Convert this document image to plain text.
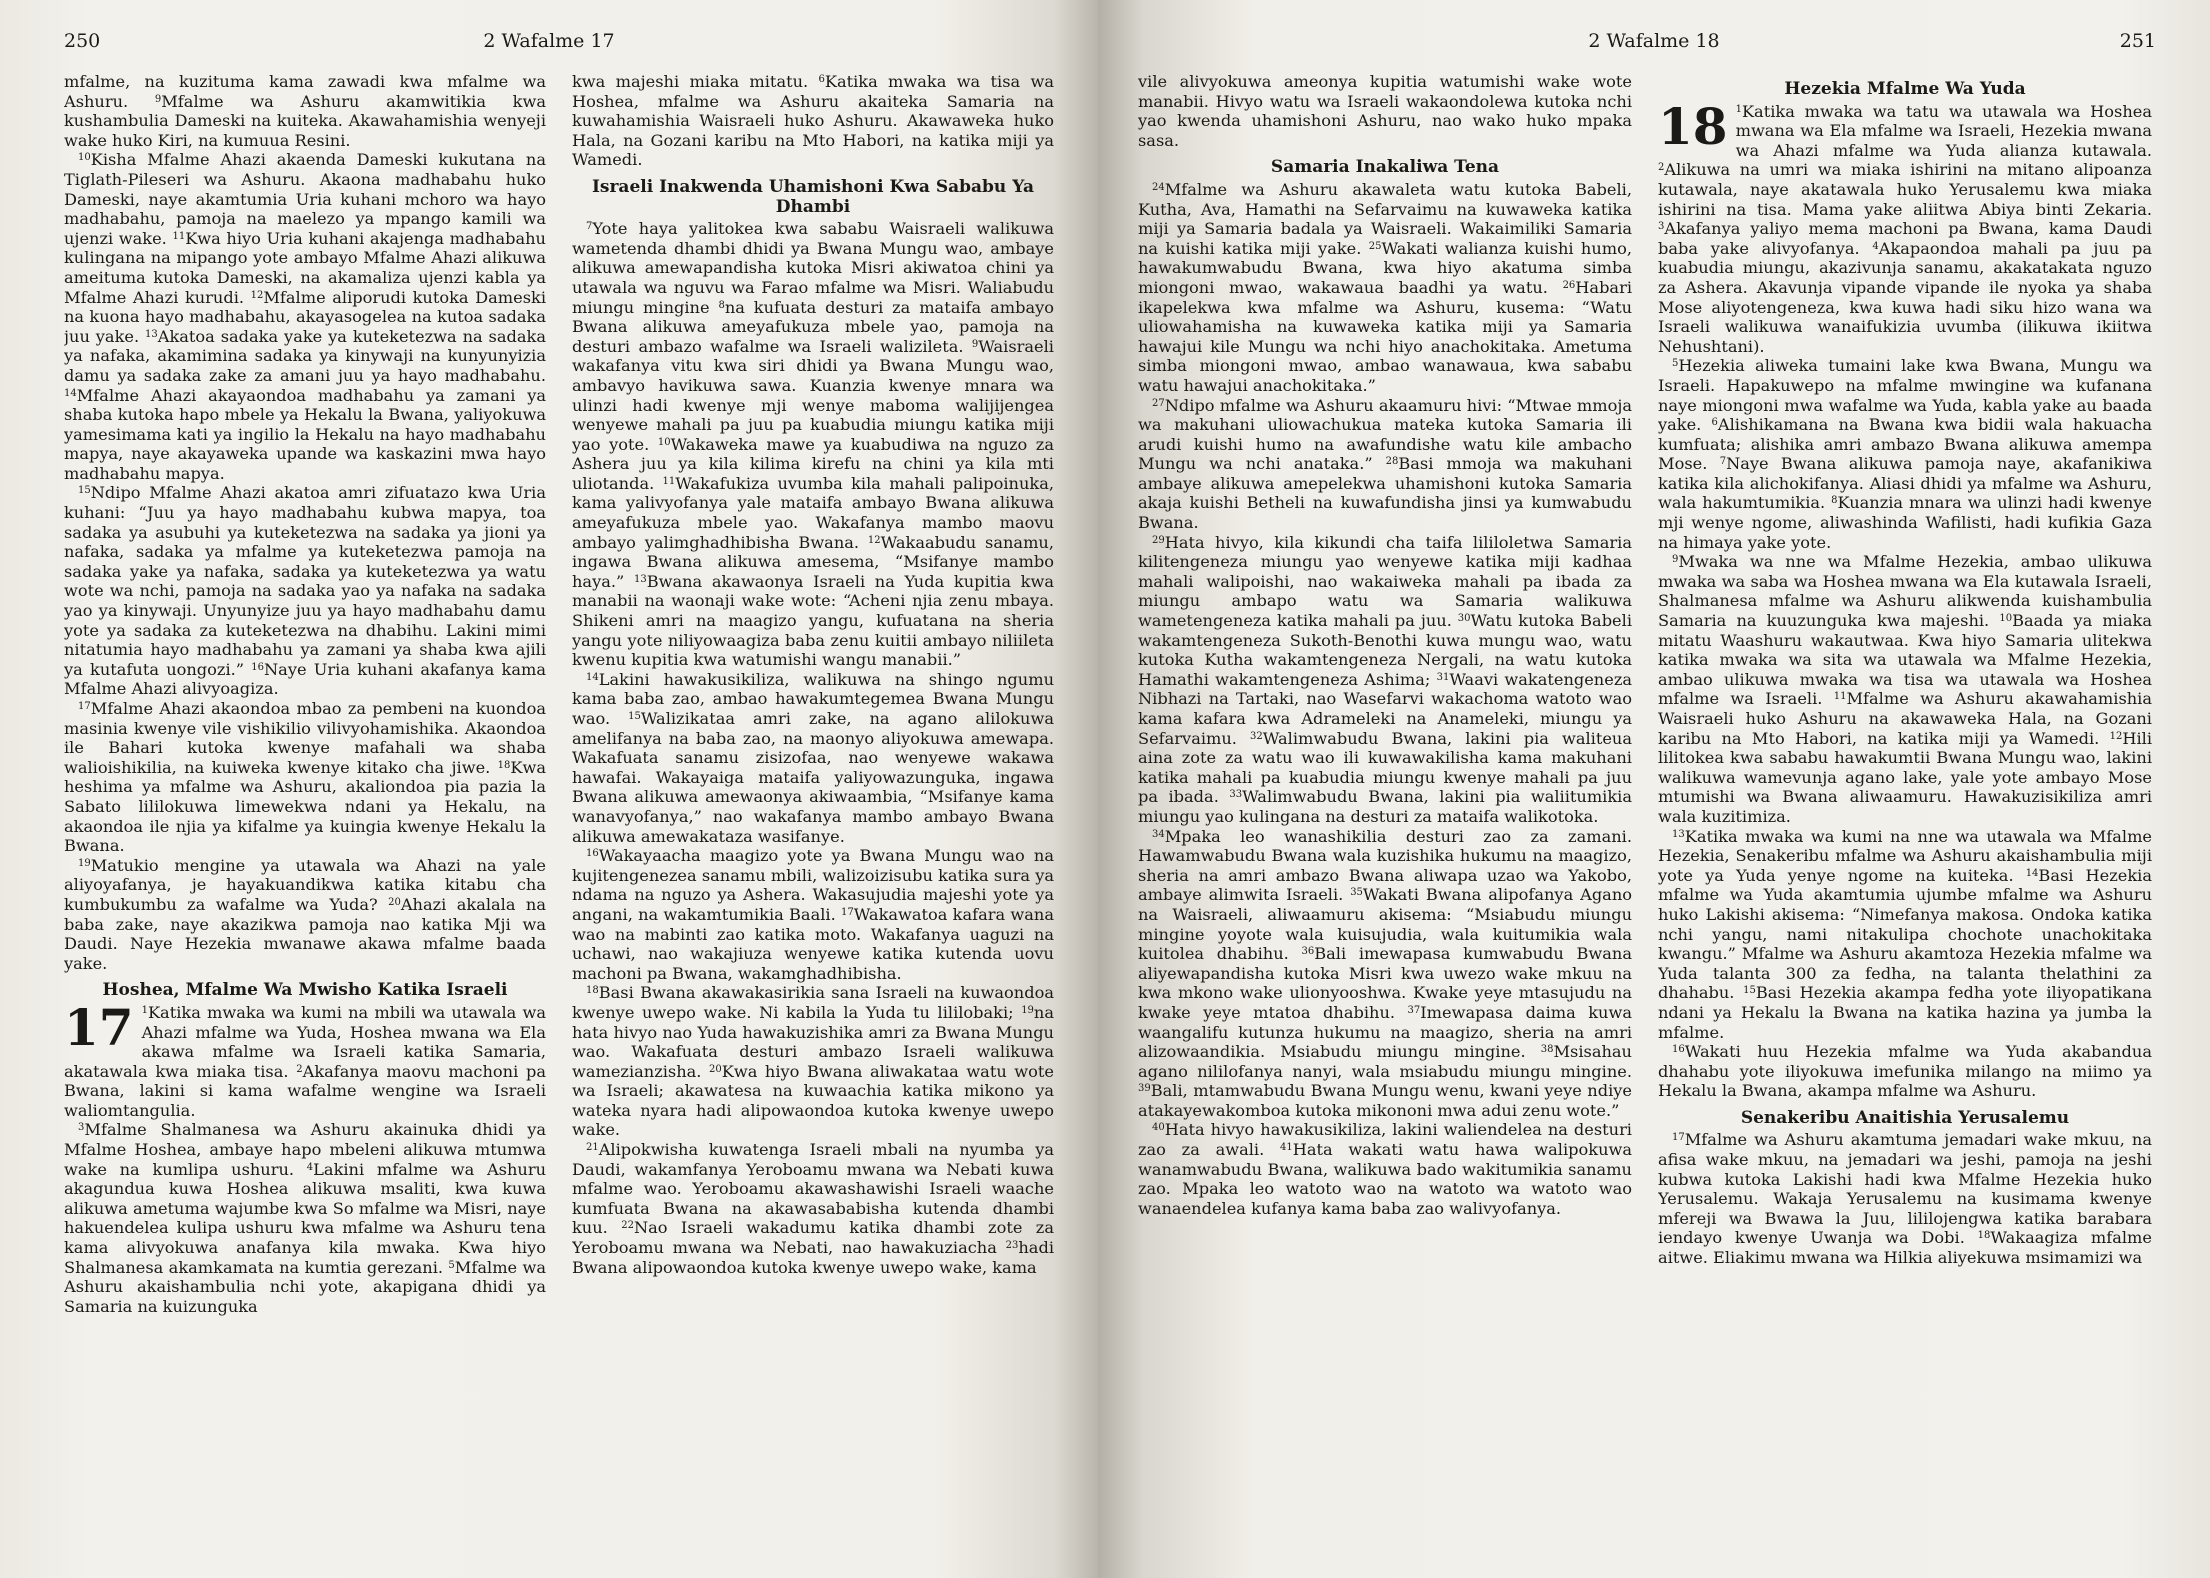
250	2 Wafalme 17

mfalme, na kuzituma kama zawadi kwa mfalme wa Ashuru. $^9$Mfalme wa Ashuru akamwitikia kwa kushambulia Dameski na kuiteka. Akawahamishia wenyeji wake huko Kiri, na kumuua Resini.

$^{10}$Kisha Mfalme Ahazi akaenda Dameski kukutana na Tiglath-Pileseri wa Ashuru. Akaona madhabahu huko Dameski, naye akamtumia Uria kuhani mchoro wa hayo madhabahu, pamoja na maelezo ya mpango kamili wa ujenzi wake. $^{11}$Kwa hiyo Uria kuhani akajenga madhabahu kulingana na mipango yote ambayo Mfalme Ahazi alikuwa ameituma kutoka Dameski, na akamaliza ujenzi kabla ya Mfalme Ahazi kurudi. $^{12}$Mfalme aliporudi kutoka Dameski na kuona hayo madhabahu, akayasogelea na kutoa sadaka juu yake. $^{13}$Akatoa sadaka yake ya kuteketezwa na sadaka ya nafaka, akamimina sadaka ya kinywaji na kunyunyizia damu ya sadaka zake za amani juu ya hayo madhabahu. $^{14}$Mfalme Ahazi akayaondoa madhabahu ya zamani ya shaba kutoka hapo mbele ya Hekalu la Bwana, yaliyokuwa yamesimama kati ya ingilio la Hekalu na hayo madhabahu mapya, naye akayaweka upande wa kaskazini mwa hayo madhabahu mapya.

$^{15}$Ndipo Mfalme Ahazi akatoa amri zifuatazo kwa Uria kuhani: “Juu ya hayo madhabahu kubwa mapya, toa sadaka ya asubuhi ya kuteketezwa na sadaka ya jioni ya nafaka, sadaka ya mfalme ya kuteketezwa pamoja na sadaka yake ya nafaka, sadaka ya kuteketezwa ya watu wote wa nchi, pamoja na sadaka yao ya nafaka na sadaka yao ya kinywaji. Unyunyize juu ya hayo madhabahu damu yote ya sadaka za kuteketezwa na dhabihu. Lakini mimi nitatumia hayo madhabahu ya zamani ya shaba kwa ajili ya kutafuta uongozi.” $^{16}$Naye Uria kuhani akafanya kama Mfalme Ahazi alivyoagiza.

$^{17}$Mfalme Ahazi akaondoa mbao za pembeni na kuondoa masinia kwenye vile vishikilio vilivyohamishika. Akaondoa ile Bahari kutoka kwenye mafahali wa shaba walioishikilia, na kuiweka kwenye kitako cha jiwe. $^{18}$Kwa heshima ya mfalme wa Ashuru, akaliondoa pia pazia la Sabato lililokuwa limewekwa ndani ya Hekalu, na akaondoa ile njia ya kifalme ya kuingia kwenye Hekalu la Bwana.

$^{19}$Matukio mengine ya utawala wa Ahazi na yale aliyoyafanya, je hayakuandikwa katika kitabu cha kumbukumbu za wafalme wa Yuda? $^{20}$Ahazi akalala na baba zake, naye akazikwa pamoja nao katika Mji wa Daudi. Naye Hezekia mwanawe akawa mfalme baada yake.

Hoshea, Mfalme Wa Mwisho Katika Israeli

17 $^1$Katika mwaka wa kumi na mbili wa utawala wa Ahazi mfalme wa Yuda, Hoshea mwana wa Ela akawa mfalme wa Israeli katika Samaria, akatawala kwa miaka tisa. $^2$Akafanya maovu machoni pa Bwana, lakini si kama wafalme wengine wa Israeli waliomtangulia.

$^3$Mfalme Shalmanesa wa Ashuru akainuka dhidi ya Mfalme Hoshea, ambaye hapo mbeleni alikuwa mtumwa wake na kumlipa ushuru. $^4$Lakini mfalme wa Ashuru akagundua kuwa Hoshea alikuwa msaliti, kwa kuwa alikuwa ametuma wajumbe kwa So mfalme wa Misri, naye hakuendelea kulipa ushuru kwa mfalme wa Ashuru tena kama alivyokuwa anafanya kila mwaka. Kwa hiyo Shalmanesa akamkamata na kumtia gerezani. $^5$Mfalme wa Ashuru akaishambulia nchi yote, akapigana dhidi ya Samaria na kuizunguka

kwa majeshi miaka mitatu. $^6$Katika mwaka wa tisa wa Hoshea, mfalme wa Ashuru akaiteka Samaria na kuwahamishia Waisraeli huko Ashuru. Akawaweka huko Hala, na Gozani karibu na Mto Habori, na katika miji ya Wamedi.

Israeli Inakwenda Uhamishoni Kwa Sababu Ya Dhambi

$^7$Yote haya yalitokea kwa sababu Waisraeli walikuwa wametenda dhambi dhidi ya Bwana Mungu wao, ambaye alikuwa amewapandisha kutoka Misri akiwatoa chini ya utawala wa nguvu wa Farao mfalme wa Misri. Waliabudu miungu mingine $^8$na kufuata desturi za mataifa ambayo Bwana alikuwa ameyafukuza mbele yao, pamoja na desturi ambazo wafalme wa Israeli walizileta. $^9$Waisraeli wakafanya vitu kwa siri dhidi ya Bwana Mungu wao, ambavyo havikuwa sawa. Kuanzia kwenye mnara wa ulinzi hadi kwenye mji wenye maboma walijijengea wenyewe mahali pa juu pa kuabudia miungu katika miji yao yote. $^{10}$Wakaweka mawe ya kuabudiwa na nguzo za Ashera juu ya kila kilima kirefu na chini ya kila mti uliotanda. $^{11}$Wakafukiza uvumba kila mahali palipoinuka, kama yalivyofanya yale mataifa ambayo Bwana alikuwa ameyafukuza mbele yao. Wakafanya mambo maovu ambayo yalimghadhibisha Bwana. $^{12}$Wakaabudu sanamu, ingawa Bwana alikuwa amesema, “Msifanye mambo haya.” $^{13}$Bwana akawaonya Israeli na Yuda kupitia kwa manabii na waonaji wake wote: “Acheni njia zenu mbaya. Shikeni amri na maagizo yangu, kufuatana na sheria yangu yote niliyowaagiza baba zenu kuitii ambayo niliileta kwenu kupitia kwa watumishi wangu manabii.”

$^{14}$Lakini hawakusikiliza, walikuwa na shingo ngumu kama baba zao, ambao hawakumtegemea Bwana Mungu wao. $^{15}$Walizikataa amri zake, na agano alilokuwa amelifanya na baba zao, na maonyo aliyokuwa amewapa. Wakafuata sanamu zisizofaa, nao wenyewe wakawa hawafai. Wakayaiga mataifa yaliyowazunguka, ingawa Bwana alikuwa amewaonya akiwaambia, “Msifanye kama wanavyofanya,” nao wakafanya mambo ambayo Bwana alikuwa amewakataza wasifanye.

$^{16}$Wakayaacha maagizo yote ya Bwana Mungu wao na kujitengenezea sanamu mbili, walizoizisubu katika sura ya ndama na nguzo ya Ashera. Wakasujudia majeshi yote ya angani, na wakamtumikia Baali. $^{17}$Wakawatoa kafara wana wao na mabinti zao katika moto. Wakafanya uaguzi na uchawi, nao wakajiuza wenyewe katika kutenda uovu machoni pa Bwana, wakamghadhibisha.

$^{18}$Basi Bwana akawakasirikia sana Israeli na kuwaondoa kwenye uwepo wake. Ni kabila la Yuda tu lililobaki; $^{19}$na hata hivyo nao Yuda hawakuzishika amri za Bwana Mungu wao. Wakafuata desturi ambazo Israeli walikuwa wamezianzisha. $^{20}$Kwa hiyo Bwana aliwakataa watu wote wa Israeli; akawatesa na kuwaachia katika mikono ya wateka nyara hadi alipowaondoa kutoka kwenye uwepo wake.

$^{21}$Alipokwisha kuwatenga Israeli mbali na nyumba ya Daudi, wakamfanya Yeroboamu mwana wa Nebati kuwa mfalme wao. Yeroboamu akawashawishi Israeli waache kumfuata Bwana na akawasababisha kutenda dhambi kuu. $^{22}$Nao Israeli wakadumu katika dhambi zote za Yeroboamu mwana wa Nebati, nao hawakuziacha $^{23}$hadi Bwana alipowaondoa kutoka kwenye uwepo wake, kama

2 Wafalme 18	251

vile alivyokuwa ameonya kupitia watumishi wake wote manabii. Hivyo watu wa Israeli wakaondolewa kutoka nchi yao kwenda uhamishoni Ashuru, nao wako huko mpaka sasa.

Samaria Inakaliwa Tena

$^{24}$Mfalme wa Ashuru akawaleta watu kutoka Babeli, Kutha, Ava, Hamathi na Sefarvaimu na kuwaweka katika miji ya Samaria badala ya Waisraeli. Wakaimiliki Samaria na kuishi katika miji yake. $^{25}$Wakati walianza kuishi humo, hawakumwabudu Bwana, kwa hiyo akatuma simba miongoni mwao, wakawaua baadhi ya watu. $^{26}$Habari ikapelekwa kwa mfalme wa Ashuru, kusema: “Watu uliowahamisha na kuwaweka katika miji ya Samaria hawajui kile Mungu wa nchi hiyo anachokitaka. Ametuma simba miongoni mwao, ambao wanawaua, kwa sababu watu hawajui anachokitaka.”

$^{27}$Ndipo mfalme wa Ashuru akaamuru hivi: “Mtwae mmoja wa makuhani uliowachukua mateka kutoka Samaria ili arudi kuishi humo na awafundishe watu kile ambacho Mungu wa nchi anataka.” $^{28}$Basi mmoja wa makuhani ambaye alikuwa amepelekwa uhamishoni kutoka Samaria akaja kuishi Betheli na kuwafundisha jinsi ya kumwabudu Bwana.

$^{29}$Hata hivyo, kila kikundi cha taifa lililoletwa Samaria kilitengeneza miungu yao wenyewe katika miji kadhaa mahali walipoishi, nao wakaiweka mahali pa ibada za miungu ambapo watu wa Samaria walikuwa wametengeneza katika mahali pa juu. $^{30}$Watu kutoka Babeli wakamtengeneza Sukoth-Benothi kuwa mungu wao, watu kutoka Kutha wakamtengeneza Nergali, na watu kutoka Hamathi wakamtengeneza Ashima; $^{31}$Waavi wakatengeneza Nibhazi na Tartaki, nao Wasefarvi wakachoma watoto wao kama kafara kwa Adrameleki na Anameleki, miungu ya Sefarvaimu. $^{32}$Walimwabudu Bwana, lakini pia waliteua aina zote za watu wao ili kuwawakilisha kama makuhani katika mahali pa kuabudia miungu kwenye mahali pa juu pa ibada. $^{33}$Walimwabudu Bwana, lakini pia waliitumikia miungu yao kulingana na desturi za mataifa walikotoka.

$^{34}$Mpaka leo wanashikilia desturi zao za zamani. Hawamwabudu Bwana wala kuzishika hukumu na maagizo, sheria na amri ambazo Bwana aliwapa uzao wa Yakobo, ambaye alimwita Israeli. $^{35}$Wakati Bwana alipofanya Agano na Waisraeli, aliwaamuru akisema: “Msiabudu miungu mingine yoyote wala kuisujudia, wala kuitumikia wala kuitolea dhabihu. $^{36}$Bali imewapasa kumwabudu Bwana aliyewapandisha kutoka Misri kwa uwezo wake mkuu na kwa mkono wake ulionyooshwa. Kwake yeye mtasujudu na kwake yeye mtatoa dhabihu. $^{37}$Imewapasa daima kuwa waangalifu kutunza hukumu na maagizo, sheria na amri alizowaandikia. Msiabudu miungu mingine. $^{38}$Msisahau agano nililofanya nanyi, wala msiabudu miungu mingine. $^{39}$Bali, mtamwabudu Bwana Mungu wenu, kwani yeye ndiye atakayewakomboa kutoka mikononi mwa adui zenu wote.”

$^{40}$Hata hivyo hawakusikiliza, lakini waliendelea na desturi zao za awali. $^{41}$Hata wakati watu hawa walipokuwa wanamwabudu Bwana, walikuwa bado wakitumikia sanamu zao. Mpaka leo watoto wao na watoto wa watoto wao wanaendelea kufanya kama baba zao walivyofanya.

Hezekia Mfalme Wa Yuda

18 $^1$Katika mwaka wa tatu wa utawala wa Hoshea mwana wa Ela mfalme wa Israeli, Hezekia mwana wa Ahazi mfalme wa Yuda alianza kutawala. $^2$Alikuwa na umri wa miaka ishirini na mitano alipoanza kutawala, naye akatawala huko Yerusalemu kwa miaka ishirini na tisa. Mama yake aliitwa Abiya binti Zekaria. $^3$Akafanya yaliyo mema machoni pa Bwana, kama Daudi baba yake alivyofanya. $^4$Akapaondoa mahali pa juu pa kuabudia miungu, akazivunja sanamu, akakatakata nguzo za Ashera. Akavunja vipande vipande ile nyoka ya shaba Mose aliyotengeneza, kwa kuwa hadi siku hizo wana wa Israeli walikuwa wanaifukizia uvumba (ilikuwa ikiitwa Nehushtani).

$^5$Hezekia aliweka tumaini lake kwa Bwana, Mungu wa Israeli. Hapakuwepo na mfalme mwingine wa kufanana naye miongoni mwa wafalme wa Yuda, kabla yake au baada yake. $^6$Alishikamana na Bwana kwa bidii wala hakuacha kumfuata; alishika amri ambazo Bwana alikuwa amempa Mose. $^7$Naye Bwana alikuwa pamoja naye, akafanikiwa katika kila alichokifanya. Aliasi dhidi ya mfalme wa Ashuru, wala hakumtumikia. $^8$Kuanzia mnara wa ulinzi hadi kwenye mji wenye ngome, aliwashinda Wafilisti, hadi kufikia Gaza na himaya yake yote.

$^9$Mwaka wa nne wa Mfalme Hezekia, ambao ulikuwa mwaka wa saba wa Hoshea mwana wa Ela kutawala Israeli, Shalmanesa mfalme wa Ashuru alikwenda kuishambulia Samaria na kuuzunguka kwa majeshi. $^{10}$Baada ya miaka mitatu Waashuru wakautwaa. Kwa hiyo Samaria ulitekwa katika mwaka wa sita wa utawala wa Mfalme Hezekia, ambao ulikuwa mwaka wa tisa wa utawala wa Hoshea mfalme wa Israeli. $^{11}$Mfalme wa Ashuru akawahamishia Waisraeli huko Ashuru na akawaweka Hala, na Gozani karibu na Mto Habori, na katika miji ya Wamedi. $^{12}$Hili lilitokea kwa sababu hawakumtii Bwana Mungu wao, lakini walikuwa wamevunja agano lake, yale yote ambayo Mose mtumishi wa Bwana aliwaamuru. Hawakuzisikiliza amri wala kuzitimiza.

$^{13}$Katika mwaka wa kumi na nne wa utawala wa Mfalme Hezekia, Senakeribu mfalme wa Ashuru akaishambulia miji yote ya Yuda yenye ngome na kuiteka. $^{14}$Basi Hezekia mfalme wa Yuda akamtumia ujumbe mfalme wa Ashuru huko Lakishi akisema: “Nimefanya makosa. Ondoka katika nchi yangu, nami nitakulipa chochote unachokitaka kwangu.” Mfalme wa Ashuru akamtoza Hezekia mfalme wa Yuda talanta 300 za fedha, na talanta thelathini za dhahabu. $^{15}$Basi Hezekia akampa fedha yote iliyopatikana ndani ya Hekalu la Bwana na katika hazina ya jumba la mfalme.

$^{16}$Wakati huu Hezekia mfalme wa Yuda akabandua dhahabu yote iliyokuwa imefunika milango na miimo ya Hekalu la Bwana, akampa mfalme wa Ashuru.

Senakeribu Anaitishia Yerusalemu

$^{17}$Mfalme wa Ashuru akamtuma jemadari wake mkuu, na afisa wake mkuu, na jemadari wa jeshi, pamoja na jeshi kubwa kutoka Lakishi hadi kwa Mfalme Hezekia huko Yerusalemu. Wakaja Yerusalemu na kusimama kwenye mfereji wa Bwawa la Juu, lililojengwa katika barabara iendayo kwenye Uwanja wa Dobi. $^{18}$Wakaagiza mfalme aitwe. Eliakimu mwana wa Hilkia aliyekuwa msimamizi wa
